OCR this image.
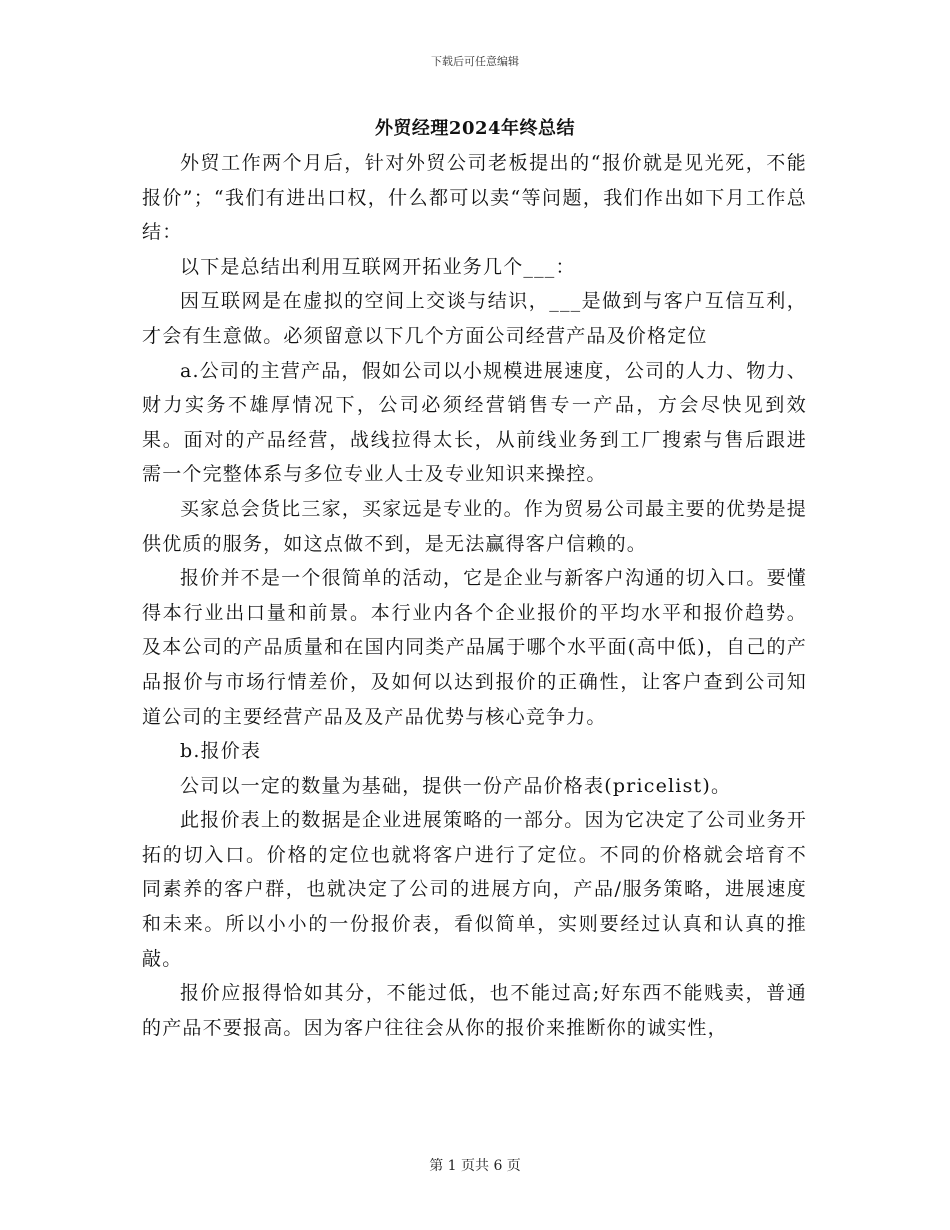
下载后可任意编辑
外贸经理2024年终总结

外贸工作两个月后，针对外贸公司老板提出的“报价就是见光死，不能报价”；“我们有进出口权，什么都可以卖“等问题，我们作出如下月工作总结：

以下是总结出利用互联网开拓业务几个___：

因互联网是在虚拟的空间上交谈与结识，___是做到与客户互信互利，才会有生意做。必须留意以下几个方面公司经营产品及价格定位

a.公司的主营产品，假如公司以小规模进展速度，公司的人力、物力、财力实务不雄厚情况下，公司必须经营销售专一产品，方会尽快见到效果。面对的产品经营，战线拉得太长，从前线业务到工厂搜索与售后跟进需一个完整体系与多位专业人士及专业知识来操控。

买家总会货比三家，买家远是专业的。作为贸易公司最主要的优势是提供优质的服务，如这点做不到，是无法赢得客户信赖的。

报价并不是一个很简单的活动，它是企业与新客户沟通的切入口。要懂得本行业出口量和前景。本行业内各个企业报价的平均水平和报价趋势。及本公司的产品质量和在国内同类产品属于哪个水平面(高中低)，自己的产品报价与市场行情差价，及如何以达到报价的正确性，让客户查到公司知道公司的主要经营产品及及产品优势与核心竞争力。

b.报价表

公司以一定的数量为基础，提供一份产品价格表(pricelist)。

此报价表上的数据是企业进展策略的一部分。因为它决定了公司业务开拓的切入口。价格的定位也就将客户进行了定位。不同的价格就会培育不同素养的客户群，也就决定了公司的进展方向，产品/服务策略，进展速度和未来。所以小小的一份报价表，看似简单，实则要经过认真和认真的推敲。

报价应报得恰如其分，不能过低，也不能过高;好东西不能贱卖，普通的产品不要报高。因为客户往往会从你的报价来推断你的诚实性，

第 1 页共 6 页
